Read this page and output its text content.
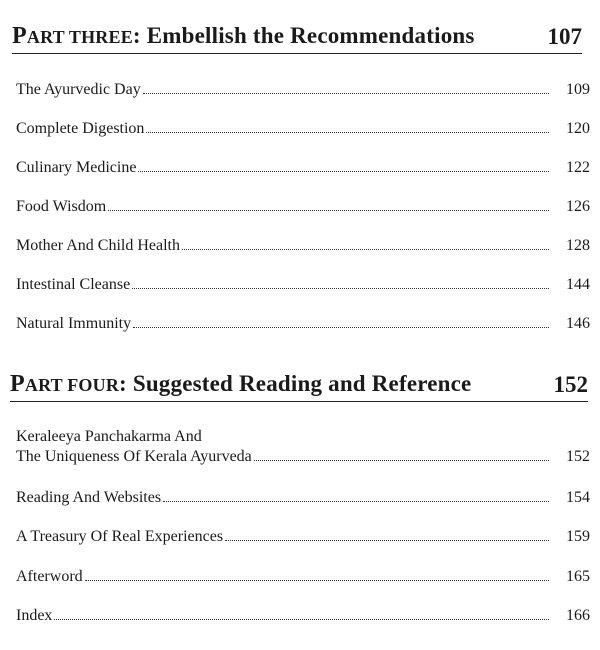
PART THREE: Embellish the Recommendations	107
The Ayurvedic Day	109
Complete Digestion	120
Culinary Medicine	122
Food Wisdom	126
Mother And Child Health	128
Intestinal Cleanse	144
Natural Immunity	146
PART FOUR: Suggested Reading and Reference	152
Keraleeya Panchakarma And
The Uniqueness Of Kerala Ayurveda	152
Reading And Websites	154
A Treasury Of Real Experiences	159
Afterword	165
Index	166
